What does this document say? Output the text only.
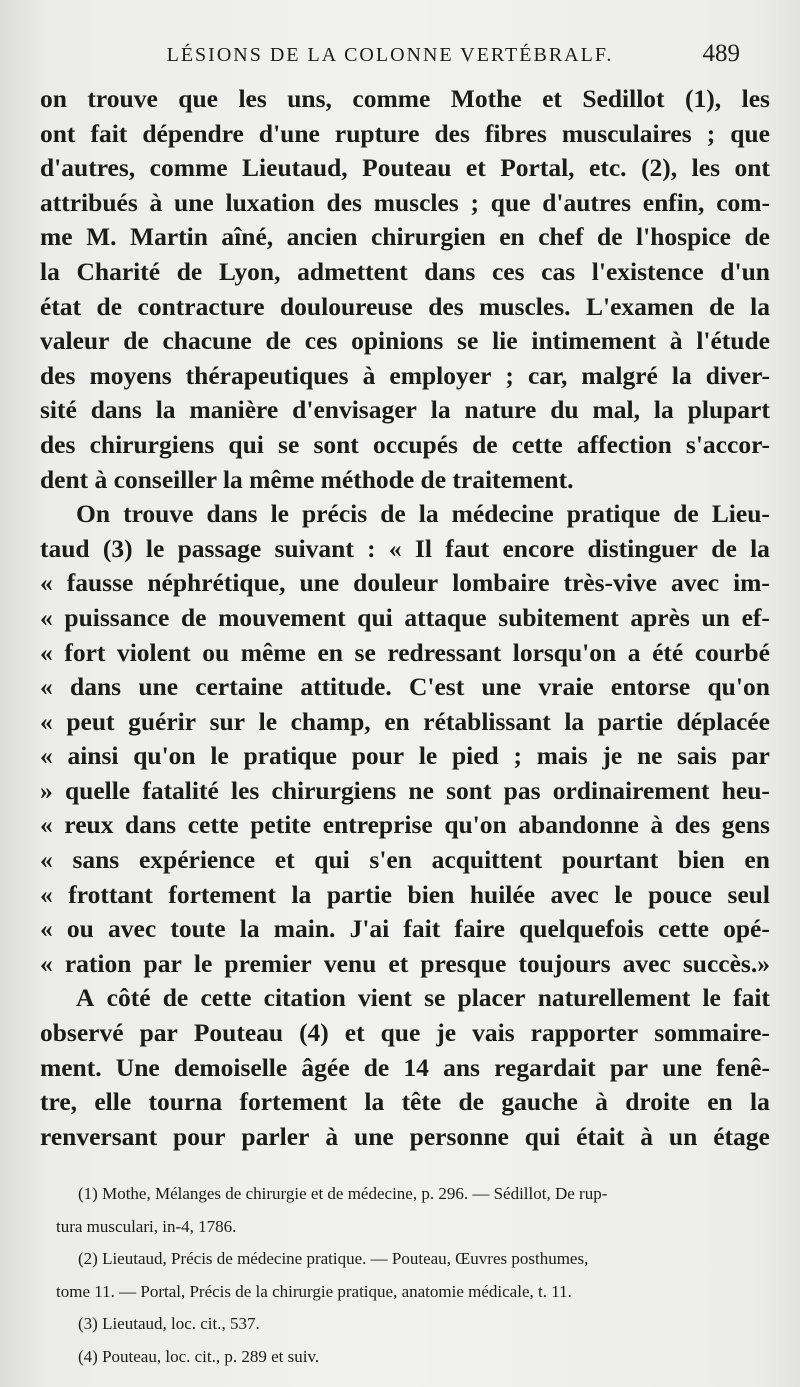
LÉSIONS DE LA COLONNE VERTÉBRALF.	489
on trouve que les uns, comme Mothe et Sedillot (1), les
ont fait dépendre d'une rupture des fibres musculaires ; que
d'autres, comme Lieutaud, Pouteau et Portal, etc. (2), les ont
attribués à une luxation des muscles ; que d'autres enfin, com-
me M. Martin aîné, ancien chirurgien en chef de l'hospice de
la Charité de Lyon, admettent dans ces cas l'existence d'un
état de contracture douloureuse des muscles. L'examen de la
valeur de chacune de ces opinions se lie intimement à l'étude
des moyens thérapeutiques à employer ; car, malgré la diver-
sité dans la manière d'envisager la nature du mal, la plupart
des chirurgiens qui se sont occupés de cette affection s'accor-
dent à conseiller la même méthode de traitement.
On trouve dans le précis de la médecine pratique de Lieu-
taud (3) le passage suivant : « Il faut encore distinguer de la
« fausse néphrétique, une douleur lombaire très-vive avec im-
« puissance de mouvement qui attaque subitement après un ef-
« fort violent ou même en se redressant lorsqu'on a été courbé
« dans une certaine attitude. C'est une vraie entorse qu'on
« peut guérir sur le champ, en rétablissant la partie déplacée
« ainsi qu'on le pratique pour le pied ; mais je ne sais par
» quelle fatalité les chirurgiens ne sont pas ordinairement heu-
« reux dans cette petite entreprise qu'on abandonne à des gens
« sans expérience et qui s'en acquittent pourtant bien en
« frottant fortement la partie bien huilée avec le pouce seul
« ou avec toute la main. J'ai fait faire quelquefois cette opé-
« ration par le premier venu et presque toujours avec succès.»
A côté de cette citation vient se placer naturellement le fait
observé par Pouteau (4) et que je vais rapporter sommaire-
ment. Une demoiselle âgée de 14 ans regardait par une fenê-
tre, elle tourna fortement la tête de gauche à droite en la
renversant pour parler à une personne qui était à un étage
(1) Mothe, Mélanges de chirurgie et de médecine, p. 296. — Sédillot, De rup-
tura musculari, in-4, 1786.
(2) Lieutaud, Précis de médecine pratique. — Pouteau, Œuvres posthumes,
tome 11. — Portal, Précis de la chirurgie pratique, anatomie médicale, t. 11.
(3) Lieutaud, loc. cit., 537.
(4) Pouteau, loc. cit., p. 289 et suiv.
